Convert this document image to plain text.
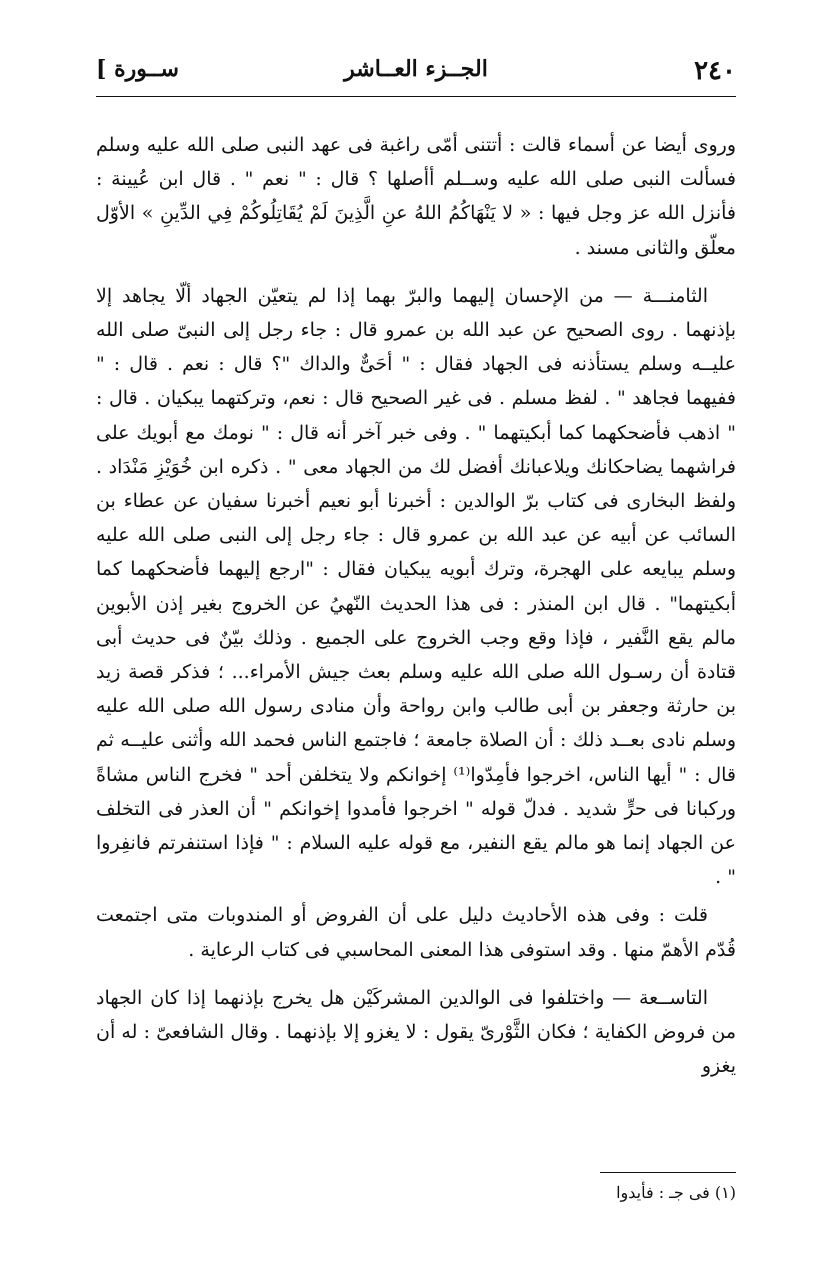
٢٤٠
الجــزء العــاشر
[ ســورة

وروى أيضا عن أسماء قالت : أتتنى أمّى راغبة فى عهد النبى صلى الله عليه وسلم فسألت النبى صلى الله عليه وســلم أأصلها ؟ قال : " نعم " . قال ابن عُيينة : فأنزل الله عز وجل فيها : « لا يَنْهَاكُمُ اللهُ عنِ الَّذِينَ لَمْ يُقَاتِلُوكُمْ فِي الدِّينِ » الأوّل معلّق والثانى مسند .

الثامنـــة — من الإحسان إليهما والبرّ بهما إذا لم يتعيّن الجهاد ألّا يجاهد إلا بإذنهما . روى الصحيح عن عبد الله بن عمرو قال : جاء رجل إلى النبىّ صلى الله عليــه وسلم يستأذنه فى الجهاد فقال : " أحَىٌّ والداك "؟ قال : نعم . قال : " ففيهما فجاهد " . لفظ مسلم . فى غير الصحيح قال : نعم، وتركتهما يبكيان . قال : " اذهب فأضحكهما كما أبكيتهما " . وفى خبر آخر أنه قال : " نومك مع أبويك على فراشهما يضاحكانك ويلاعبانك أفضل لك من الجهاد معى " . ذكره ابن خُوَيْزِ مَنْدَاد . ولفظ البخارى فى كتاب برّ الوالدين : أخبرنا أبو نعيم أخبرنا سفيان عن عطاء بن السائب عن أبيه عن عبد الله بن عمرو قال : جاء رجل إلى النبى صلى الله عليه وسلم يبايعه على الهجرة، وترك أبويه يبكيان فقال : "ارجع إليهما فأضحكهما كما أبكيتهما" . قال ابن المنذر : فى هذا الحديث النّهيُ عن الخروج بغير إذن الأبوين مالم يقع النَّفير ، فإذا وقع وجب الخروج على الجميع . وذلك بيّنٌ فى حديث أبى قتادة أن رسـول الله صلى الله عليه وسلم بعث جيش الأمراء... ؛ فذكر قصة زيد بن حارثة وجعفر بن أبى طالب وابن رواحة وأن منادى رسول الله صلى الله عليه وسلم نادى بعــد ذلك : أن الصلاة جامعة ؛ فاجتمع الناس فحمد الله وأثنى عليــه ثم قال : " أيها الناس، اخرجوا فأمِدّوا⁽¹⁾ إخوانكم ولا يتخلفن أحد " فخرج الناس مشاةً وركبانا فى حرٍّ شديد . فدلّ قوله " اخرجوا فأمدوا إخوانكم " أن العذر فى التخلف عن الجهاد إنما هو مالم يقع النفير، مع قوله عليه السلام : " فإذا استنفرتم فانفِروا " .

قلت : وفى هذه الأحاديث دليل على أن الفروض أو المندوبات متى اجتمعت قُدّم الأهمّ منها . وقد استوفى هذا المعنى المحاسبي فى كتاب الرعاية .

التاســعة — واختلفوا فى الوالدين المشركَيْن هل يخرج بإذنهما إذا كان الجهاد من فروض الكفاية ؛ فكان الثَّوْرىّ يقول : لا يغزو إلا بإذنهما . وقال الشافعىّ : له أن يغزو

(١) فى جـ : فأيدوا
